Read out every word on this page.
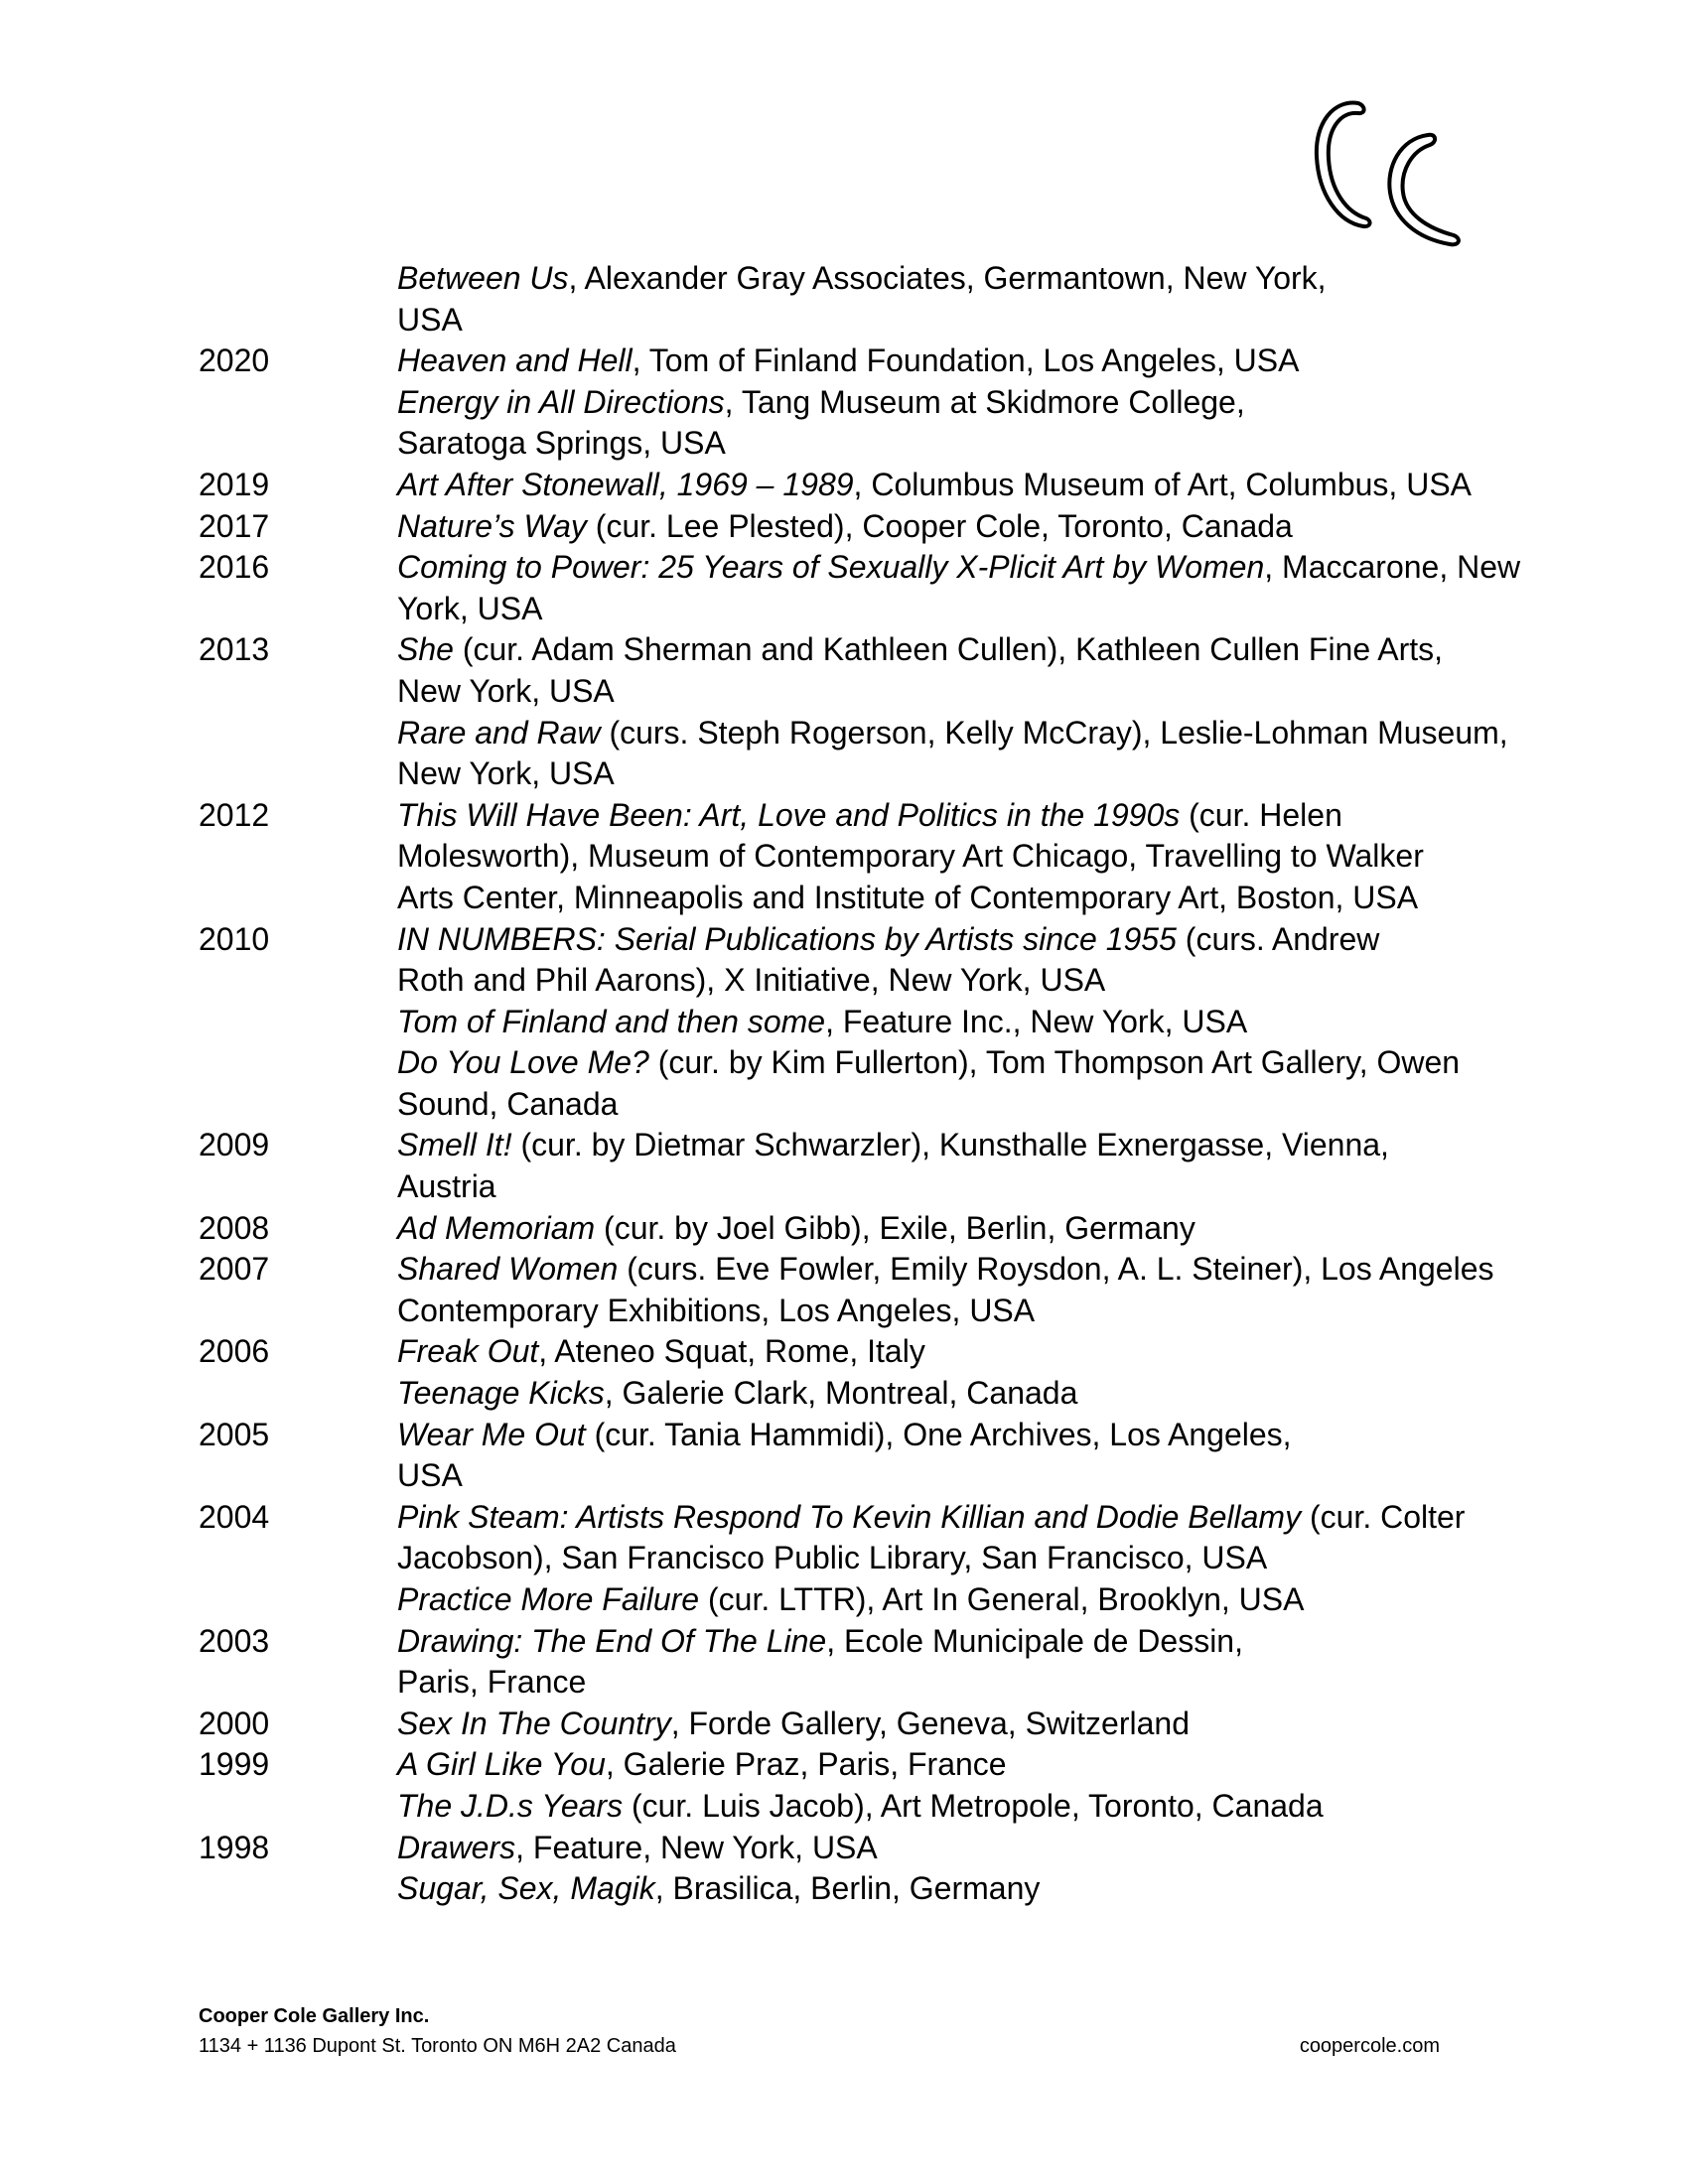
Between Us, Alexander Gray Associates, Germantown, New York,
USA
2020	Heaven and Hell, Tom of Finland Foundation, Los Angeles, USA
Energy in All Directions, Tang Museum at Skidmore College,
Saratoga Springs, USA
2019	Art After Stonewall, 1969 – 1989, Columbus Museum of Art, Columbus, USA
2017	Nature’s Way (cur. Lee Plested), Cooper Cole, Toronto, Canada
2016	Coming to Power: 25 Years of Sexually X-Plicit Art by Women, Maccarone, New
York, USA
2013	She (cur. Adam Sherman and Kathleen Cullen), Kathleen Cullen Fine Arts,
New York, USA
Rare and Raw (curs. Steph Rogerson, Kelly McCray), Leslie-Lohman Museum,
New York, USA
2012	This Will Have Been: Art, Love and Politics in the 1990s (cur. Helen
Molesworth), Museum of Contemporary Art Chicago, Travelling to Walker
Arts Center, Minneapolis and Institute of Contemporary Art, Boston, USA
2010	IN NUMBERS: Serial Publications by Artists since 1955 (curs. Andrew
Roth and Phil Aarons), X Initiative, New York, USA
Tom of Finland and then some, Feature Inc., New York, USA
Do You Love Me? (cur. by Kim Fullerton), Tom Thompson Art Gallery, Owen
Sound, Canada
2009	Smell It! (cur. by Dietmar Schwarzler), Kunsthalle Exnergasse, Vienna,
Austria
2008	Ad Memoriam (cur. by Joel Gibb), Exile, Berlin, Germany
2007	Shared Women (curs. Eve Fowler, Emily Roysdon, A. L. Steiner), Los Angeles
Contemporary Exhibitions, Los Angeles, USA
2006	Freak Out, Ateneo Squat, Rome, Italy
Teenage Kicks, Galerie Clark, Montreal, Canada
2005	Wear Me Out (cur. Tania Hammidi), One Archives, Los Angeles,
USA
2004	Pink Steam: Artists Respond To Kevin Killian and Dodie Bellamy (cur. Colter
Jacobson), San Francisco Public Library, San Francisco, USA
Practice More Failure (cur. LTTR), Art In General, Brooklyn, USA
2003	Drawing: The End Of The Line, Ecole Municipale de Dessin,
Paris, France
2000	Sex In The Country, Forde Gallery, Geneva, Switzerland
1999	A Girl Like You, Galerie Praz, Paris, France
The J.D.s Years (cur. Luis Jacob), Art Metropole, Toronto, Canada
1998	Drawers, Feature, New York, USA
Sugar, Sex, Magik, Brasilica, Berlin, Germany
Cooper Cole Gallery Inc.
1134 + 1136 Dupont St. Toronto ON M6H 2A2 Canada	coopercole.com
